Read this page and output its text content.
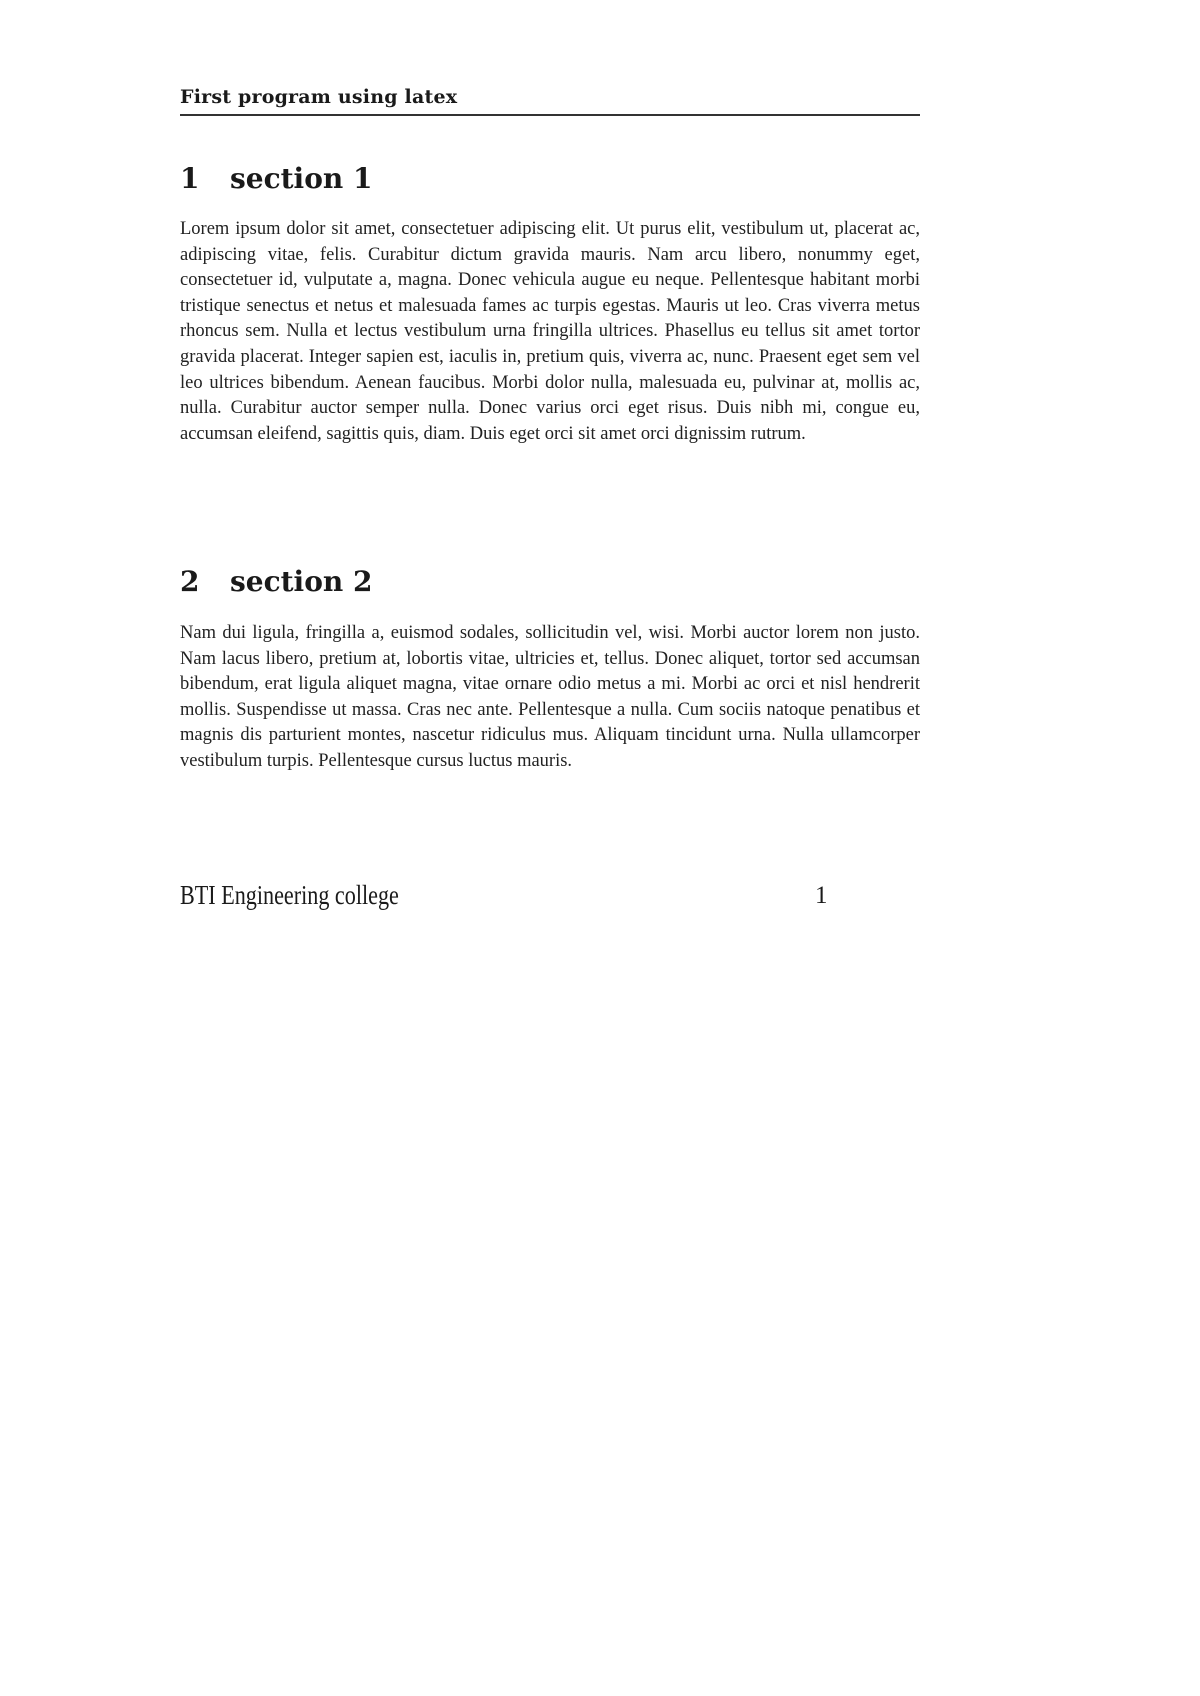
First program using latex
1 section 1
Lorem ipsum dolor sit amet, consectetuer adipiscing elit. Ut purus elit, vestibulum ut, placerat ac, adipiscing vitae, felis. Curabitur dictum gravida mauris. Nam arcu libero, nonummy eget, consectetuer id, vulputate a, magna. Donec vehicula augue eu neque. Pellentesque habitant morbi tristique senectus et netus et malesuada fames ac turpis egestas. Mauris ut leo. Cras viverra metus rhoncus sem. Nulla et lectus vestibulum urna fringilla ultrices. Phasellus eu tellus sit amet tortor gravida placerat. Integer sapien est, iaculis in, pretium quis, viverra ac, nunc. Praesent eget sem vel leo ultrices bibendum. Aenean faucibus. Morbi dolor nulla, malesuada eu, pulvinar at, mollis ac, nulla. Curabitur auctor semper nulla. Donec varius orci eget risus. Duis nibh mi, congue eu, accumsan eleifend, sagittis quis, diam. Duis eget orci sit amet orci dignissim rutrum.
2 section 2
Nam dui ligula, fringilla a, euismod sodales, sollicitudin vel, wisi. Morbi auctor lorem non justo. Nam lacus libero, pretium at, lobortis vitae, ultricies et, tellus. Donec aliquet, tortor sed accumsan bibendum, erat ligula aliquet magna, vitae ornare odio metus a mi. Morbi ac orci et nisl hendrerit mollis. Suspendisse ut massa. Cras nec ante. Pellentesque a nulla. Cum sociis natoque penatibus et magnis dis parturient montes, nascetur ridiculus mus. Aliquam tincidunt urna. Nulla ullamcorper vestibulum turpis. Pellentesque cursus luctus mauris.
BTI Engineering college	1
